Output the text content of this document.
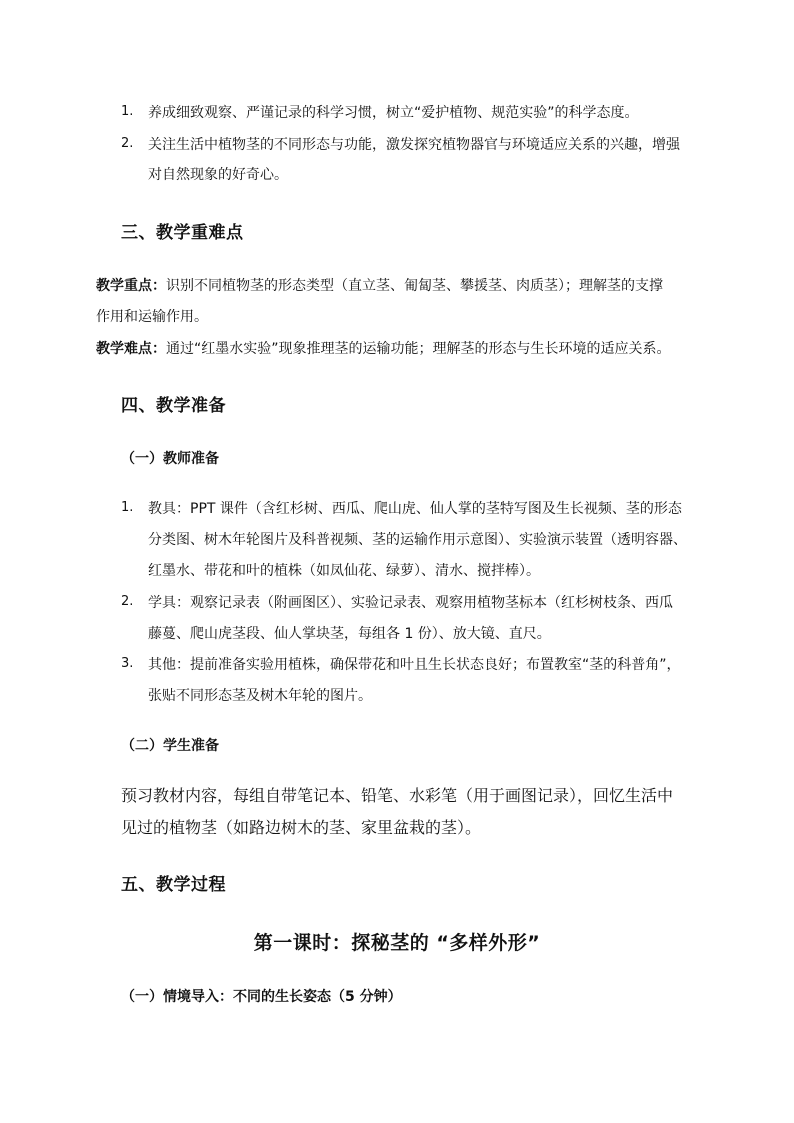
1. 养成细致观察、严谨记录的科学习惯，树立“爱护植物、规范实验”的科学态度。
2. 关注生活中植物茎的不同形态与功能，激发探究植物器官与环境适应关系的兴趣，增强
对自然现象的好奇心。
三、教学重难点
教学重点：识别不同植物茎的形态类型（直立茎、匍匐茎、攀援茎、肉质茎）；理解茎的支撑
作用和运输作用。
教学难点：通过“红墨水实验”现象推理茎的运输功能；理解茎的形态与生长环境的适应关系。
四、教学准备
（一）教师准备
1. 教具：PPT 课件（含红杉树、西瓜、爬山虎、仙人掌的茎特写图及生长视频、茎的形态
分类图、树木年轮图片及科普视频、茎的运输作用示意图）、实验演示装置（透明容器、
红墨水、带花和叶的植株（如凤仙花、绿萝）、清水、搅拌棒）。
2. 学具：观察记录表（附画图区）、实验记录表、观察用植物茎标本（红杉树枝条、西瓜
藤蔓、爬山虎茎段、仙人掌块茎，每组各 1 份）、放大镜、直尺。
3. 其他：提前准备实验用植株，确保带花和叶且生长状态良好；布置教室“茎的科普角”，
张贴不同形态茎及树木年轮的图片。
（二）学生准备
预习教材内容，每组自带笔记本、铅笔、水彩笔（用于画图记录），回忆生活中
见过的植物茎（如路边树木的茎、家里盆栽的茎）。
五、教学过程
第一课时：探秘茎的 “多样外形”
（一）情境导入：不同的生长姿态（5 分钟）
